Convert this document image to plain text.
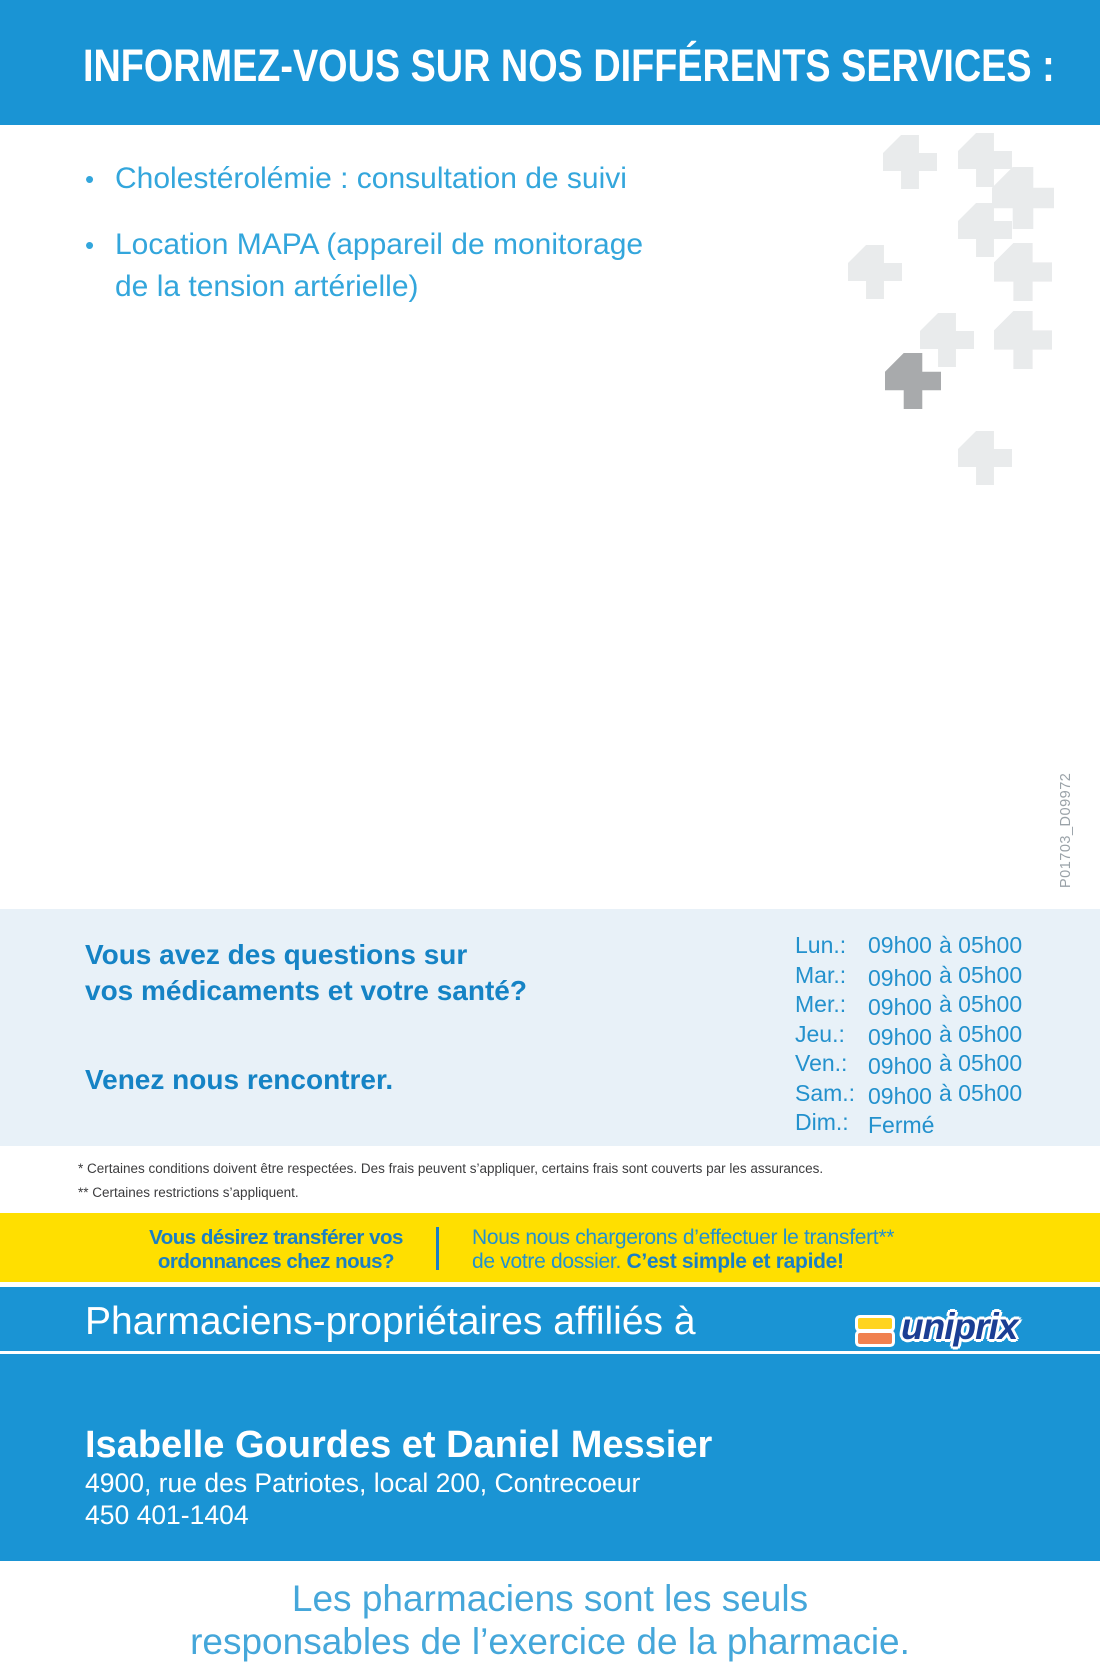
INFORMEZ-VOUS SUR NOS DIFFÉRENTS SERVICES :
• Cholestérolémie : consultation de suivi
• Location MAPA (appareil de monitorage
de la tension artérielle)
P01703_D09972
Vous avez des questions sur
vos médicaments et votre santé?
Venez nous rencontrer.
Lun.: 09h00 à 05h00
Mar.: 09h00 à 05h00
Mer.: 09h00 à 05h00
Jeu.:	09h00 à 05h00
Ven.: 09h00 à 05h00
Sam.: 09h00 à 05h00
Dim.: Fermé
* Certaines conditions doivent être respectées. Des frais peuvent s’appliquer, certains frais sont couverts par les assurances.
** Certaines restrictions s’appliquent.
Vous désirez transférer vos
ordonnances chez nous?
Nous nous chargerons d’effectuer le transfert**
de votre dossier. C’est simple et rapide!
Pharmaciens-propriétaires affiliés à	uniprix
Isabelle Gourdes et Daniel Messier
4900, rue des Patriotes, local 200, Contrecoeur
450 401-1404
Les pharmaciens sont les seuls
responsables de l’exercice de la pharmacie.
